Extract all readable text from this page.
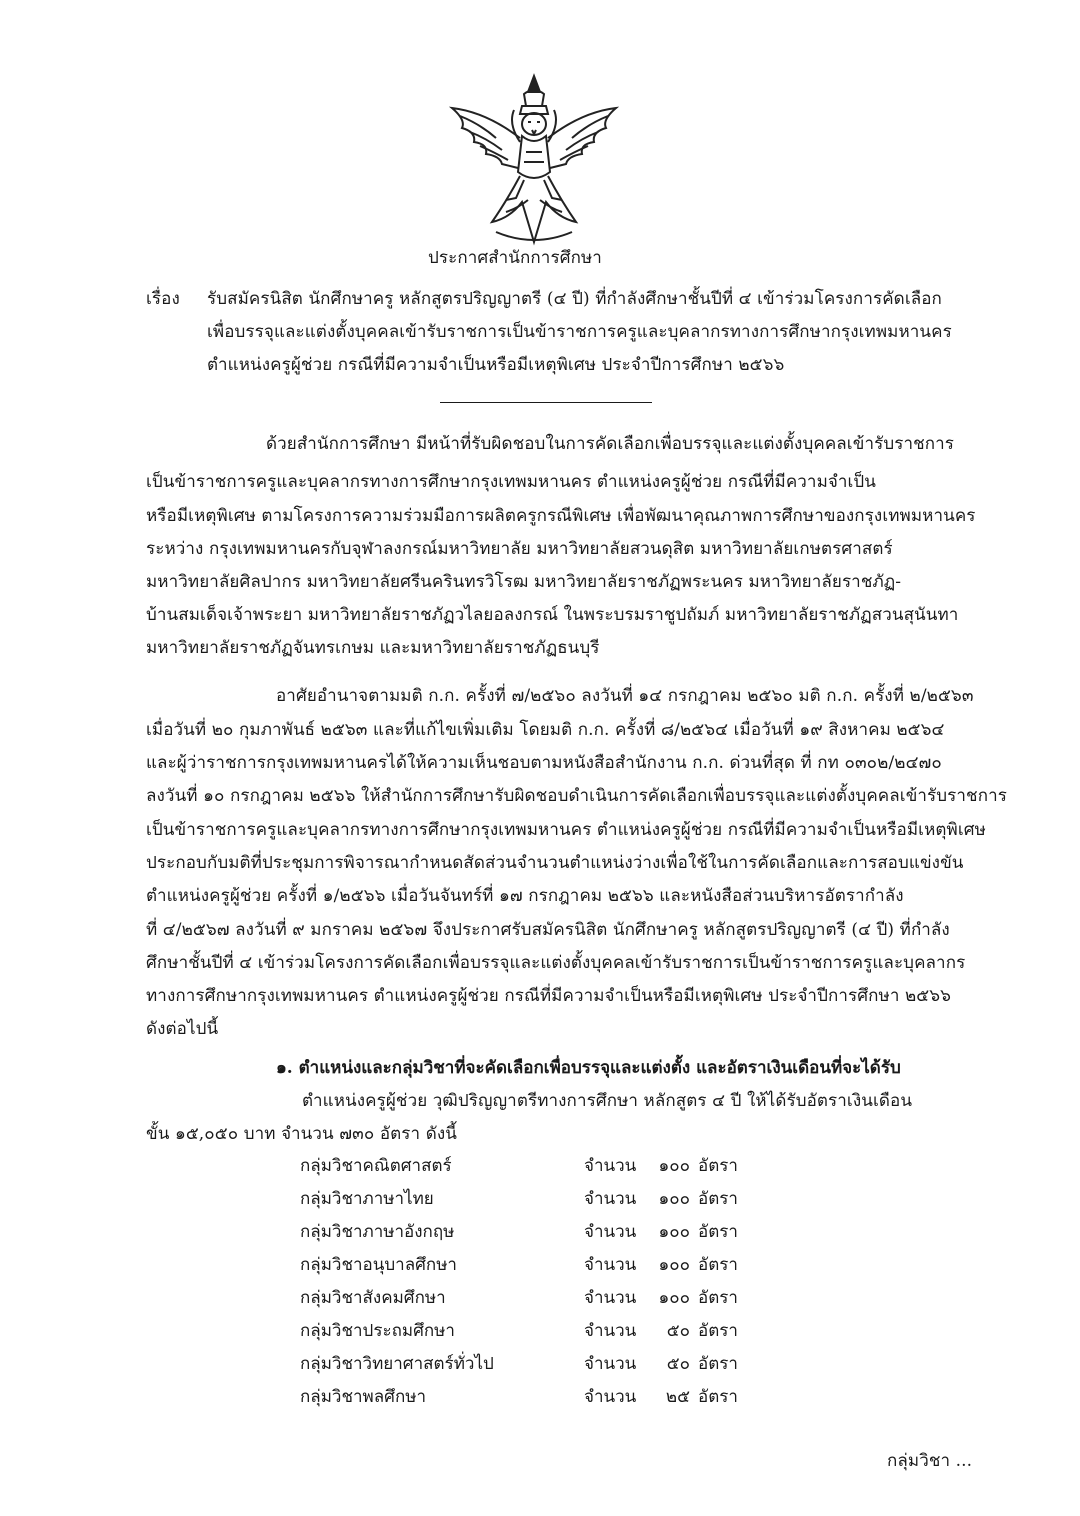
ประกาศสำนักการศึกษา
เรื่อง รับสมัครนิสิต นักศึกษาครู หลักสูตรปริญญาตรี (๔ ปี) ที่กำลังศึกษาชั้นปีที่ ๔ เข้าร่วมโครงการคัดเลือก
เพื่อบรรจุและแต่งตั้งบุคคลเข้ารับราชการเป็นข้าราชการครูและบุคลากรทางการศึกษากรุงเทพมหานคร
ตำแหน่งครูผู้ช่วย กรณีที่มีความจำเป็นหรือมีเหตุพิเศษ ประจำปีการศึกษา ๒๕๖๖
ด้วยสำนักการศึกษา มีหน้าที่รับผิดชอบในการคัดเลือกเพื่อบรรจุและแต่งตั้งบุคคลเข้ารับราชการ
เป็นข้าราชการครูและบุคลากรทางการศึกษากรุงเทพมหานคร ตำแหน่งครูผู้ช่วย กรณีที่มีความจำเป็น
หรือมีเหตุพิเศษ ตามโครงการความร่วมมือการผลิตครูกรณีพิเศษ เพื่อพัฒนาคุณภาพการศึกษาของกรุงเทพมหานคร
ระหว่าง กรุงเทพมหานครกับจุฬาลงกรณ์มหาวิทยาลัย มหาวิทยาลัยสวนดุสิต มหาวิทยาลัยเกษตรศาสตร์
มหาวิทยาลัยศิลปากร มหาวิทยาลัยศรีนครินทรวิโรฒ มหาวิทยาลัยราชภัฏพระนคร มหาวิทยาลัยราชภัฏ-
บ้านสมเด็จเจ้าพระยา มหาวิทยาลัยราชภัฏวไลยอลงกรณ์ ในพระบรมราชูปถัมภ์ มหาวิทยาลัยราชภัฏสวนสุนันทา
มหาวิทยาลัยราชภัฏจันทรเกษม และมหาวิทยาลัยราชภัฏธนบุรี
อาศัยอำนาจตามมติ ก.ก. ครั้งที่ ๗/๒๕๖๐ ลงวันที่ ๑๔ กรกฎาคม ๒๕๖๐ มติ ก.ก. ครั้งที่ ๒/๒๕๖๓
เมื่อวันที่ ๒๐ กุมภาพันธ์ ๒๕๖๓ และที่แก้ไขเพิ่มเติม โดยมติ ก.ก. ครั้งที่ ๘/๒๕๖๔ เมื่อวันที่ ๑๙ สิงหาคม ๒๕๖๔
และผู้ว่าราชการกรุงเทพมหานครได้ให้ความเห็นชอบตามหนังสือสำนักงาน ก.ก. ด่วนที่สุด ที่ กท ๐๓๐๒/๒๔๗๐
ลงวันที่ ๑๐ กรกฎาคม ๒๕๖๖ ให้สำนักการศึกษารับผิดชอบดำเนินการคัดเลือกเพื่อบรรจุและแต่งตั้งบุคคลเข้ารับราชการ
เป็นข้าราชการครูและบุคลากรทางการศึกษากรุงเทพมหานคร ตำแหน่งครูผู้ช่วย กรณีที่มีความจำเป็นหรือมีเหตุพิเศษ
ประกอบกับมติที่ประชุมการพิจารณากำหนดสัดส่วนจำนวนตำแหน่งว่างเพื่อใช้ในการคัดเลือกและการสอบแข่งขัน
ตำแหน่งครูผู้ช่วย ครั้งที่ ๑/๒๕๖๖ เมื่อวันจันทร์ที่ ๑๗ กรกฎาคม ๒๕๖๖ และหนังสือส่วนบริหารอัตรากำลัง
ที่ ๔/๒๕๖๗ ลงวันที่ ๙ มกราคม ๒๕๖๗ จึงประกาศรับสมัครนิสิต นักศึกษาครู หลักสูตรปริญญาตรี (๔ ปี) ที่กำลัง
ศึกษาชั้นปีที่ ๔ เข้าร่วมโครงการคัดเลือกเพื่อบรรจุและแต่งตั้งบุคคลเข้ารับราชการเป็นข้าราชการครูและบุคลากร
ทางการศึกษากรุงเทพมหานคร ตำแหน่งครูผู้ช่วย กรณีที่มีความจำเป็นหรือมีเหตุพิเศษ ประจำปีการศึกษา ๒๕๖๖
ดังต่อไปนี้
๑. ตำแหน่งและกลุ่มวิชาที่จะคัดเลือกเพื่อบรรจุและแต่งตั้ง และอัตราเงินเดือนที่จะได้รับ
ตำแหน่งครูผู้ช่วย วุฒิปริญญาตรีทางการศึกษา หลักสูตร ๔ ปี ให้ได้รับอัตราเงินเดือน
ขั้น ๑๕,๐๕๐ บาท จำนวน ๗๓๐ อัตรา ดังนี้
กลุ่มวิชาคณิตศาสตร์	จำนวน	๑๐๐ อัตรา
กลุ่มวิชาภาษาไทย	จำนวน	๑๐๐ อัตรา
กลุ่มวิชาภาษาอังกฤษ	จำนวน	๑๐๐ อัตรา
กลุ่มวิชาอนุบาลศึกษา	จำนวน	๑๐๐ อัตรา
กลุ่มวิชาสังคมศึกษา	จำนวน	๑๐๐ อัตรา
กลุ่มวิชาประถมศึกษา	จำนวน	๕๐ อัตรา
กลุ่มวิชาวิทยาศาสตร์ทั่วไป	จำนวน	๕๐ อัตรา
กลุ่มวิชาพลศึกษา	จำนวน	๒๕ อัตรา
กลุ่มวิชา ...
